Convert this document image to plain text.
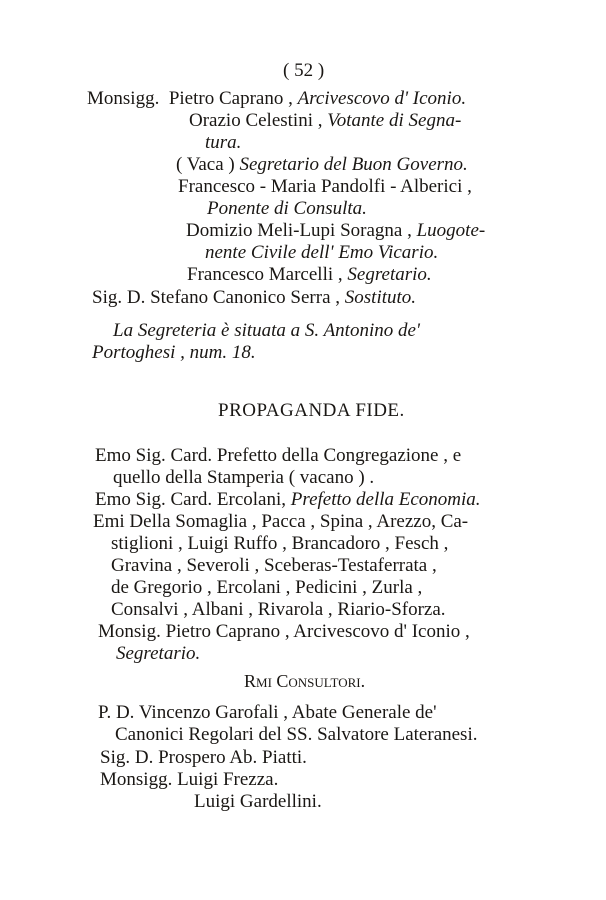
( 52 )
Monsigg. Pietro Caprano , Arcivescovo d' Iconio.
Orazio Celestini , Votante di Segna-
tura.
( Vaca ) Segretario del Buon Governo.
Francesco - Maria Pandolfi - Alberici ,
Ponente di Consulta.
Domizio Meli-Lupi Soragna , Luogote-
nente Civile dell' Emo Vicario.
Francesco Marcelli , Segretario.
Sig. D. Stefano Canonico Serra , Sostituto.
La Segreteria è situata a S. Antonino de'
Portoghesi , num. 18.
PROPAGANDA FIDE.
Emo Sig. Card. Prefetto della Congregazione , e
quello della Stamperia ( vacano ) .
Emo Sig. Card. Ercolani, Prefetto della Economia.
Emi Della Somaglia , Pacca , Spina , Arezzo, Ca-
stiglioni , Luigi Ruffo , Brancadoro , Fesch ,
Gravina , Severoli , Sceberas-Testaferrata ,
de Gregorio , Ercolani , Pedicini , Zurla ,
Consalvi , Albani , Rivarola , Riario-Sforza.
Monsig. Pietro Caprano , Arcivescovo d' Iconio ,
Segretario.
Rmi Consultori.
P. D. Vincenzo Garofali , Abate Generale de'
Canonici Regolari del SS. Salvatore Lateranesi.
Sig. D. Prospero Ab. Piatti.
Monsigg. Luigi Frezza.
Luigi Gardellini.
